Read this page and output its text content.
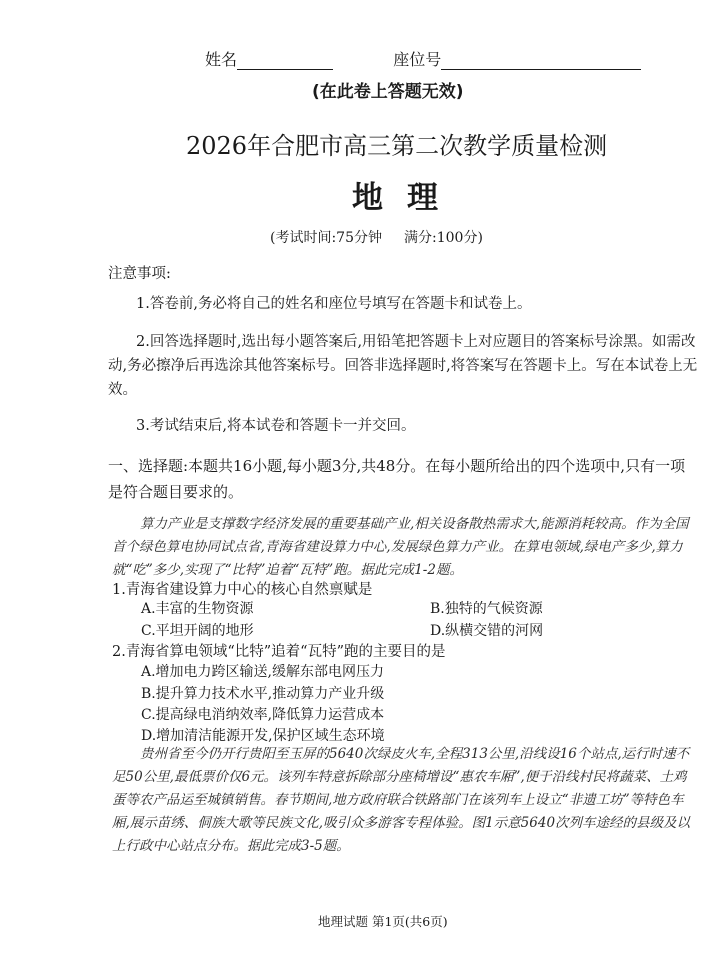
姓名	座位号
(在此卷上答题无效)
2026年合肥市高三第二次教学质量检测
地理
(考试时间:75分钟 满分:100分)
注意事项:
1.答卷前,务必将自己的姓名和座位号填写在答题卡和试卷上。
2.回答选择题时,选出每小题答案后,用铅笔把答题卡上对应题目的答案标号涂黑。如需改动,务必擦净后再选涂其他答案标号。回答非选择题时,将答案写在答题卡上。写在本试卷上无效。
3.考试结束后,将本试卷和答题卡一并交回。
一、选择题:本题共16小题,每小题3分,共48分。在每小题所给出的四个选项中,只有一项是符合题目要求的。
算力产业是支撑数字经济发展的重要基础产业,相关设备散热需求大,能源消耗较高。作为全国首个绿色算电协同试点省,青海省建设算力中心,发展绿色算力产业。在算电领域,绿电产多少,算力就“吃”多少,实现了“比特”追着“瓦特”跑。据此完成1-2题。
1.青海省建设算力中心的核心自然禀赋是
A.丰富的生物资源	B.独特的气候资源
C.平坦开阔的地形	D.纵横交错的河网
2.青海省算电领域“比特”追着“瓦特”跑的主要目的是
A.增加电力跨区输送,缓解东部电网压力
B.提升算力技术水平,推动算力产业升级
C.提高绿电消纳效率,降低算力运营成本
D.增加清洁能源开发,保护区域生态环境
贵州省至今仍开行贵阳至玉屏的5640次绿皮火车,全程313公里,沿线设16个站点,运行时速不足50公里,最低票价仅6元。该列车特意拆除部分座椅增设“惠农车厢”,便于沿线村民将蔬菜、土鸡蛋等农产品运至城镇销售。春节期间,地方政府联合铁路部门在该列车上设立“非遗工坊”等特色车厢,展示苗绣、侗族大歌等民族文化,吸引众多游客专程体验。图1示意5640次列车途经的县级及以上行政中心站点分布。据此完成3-5题。
地理试题 第1页(共6页)
